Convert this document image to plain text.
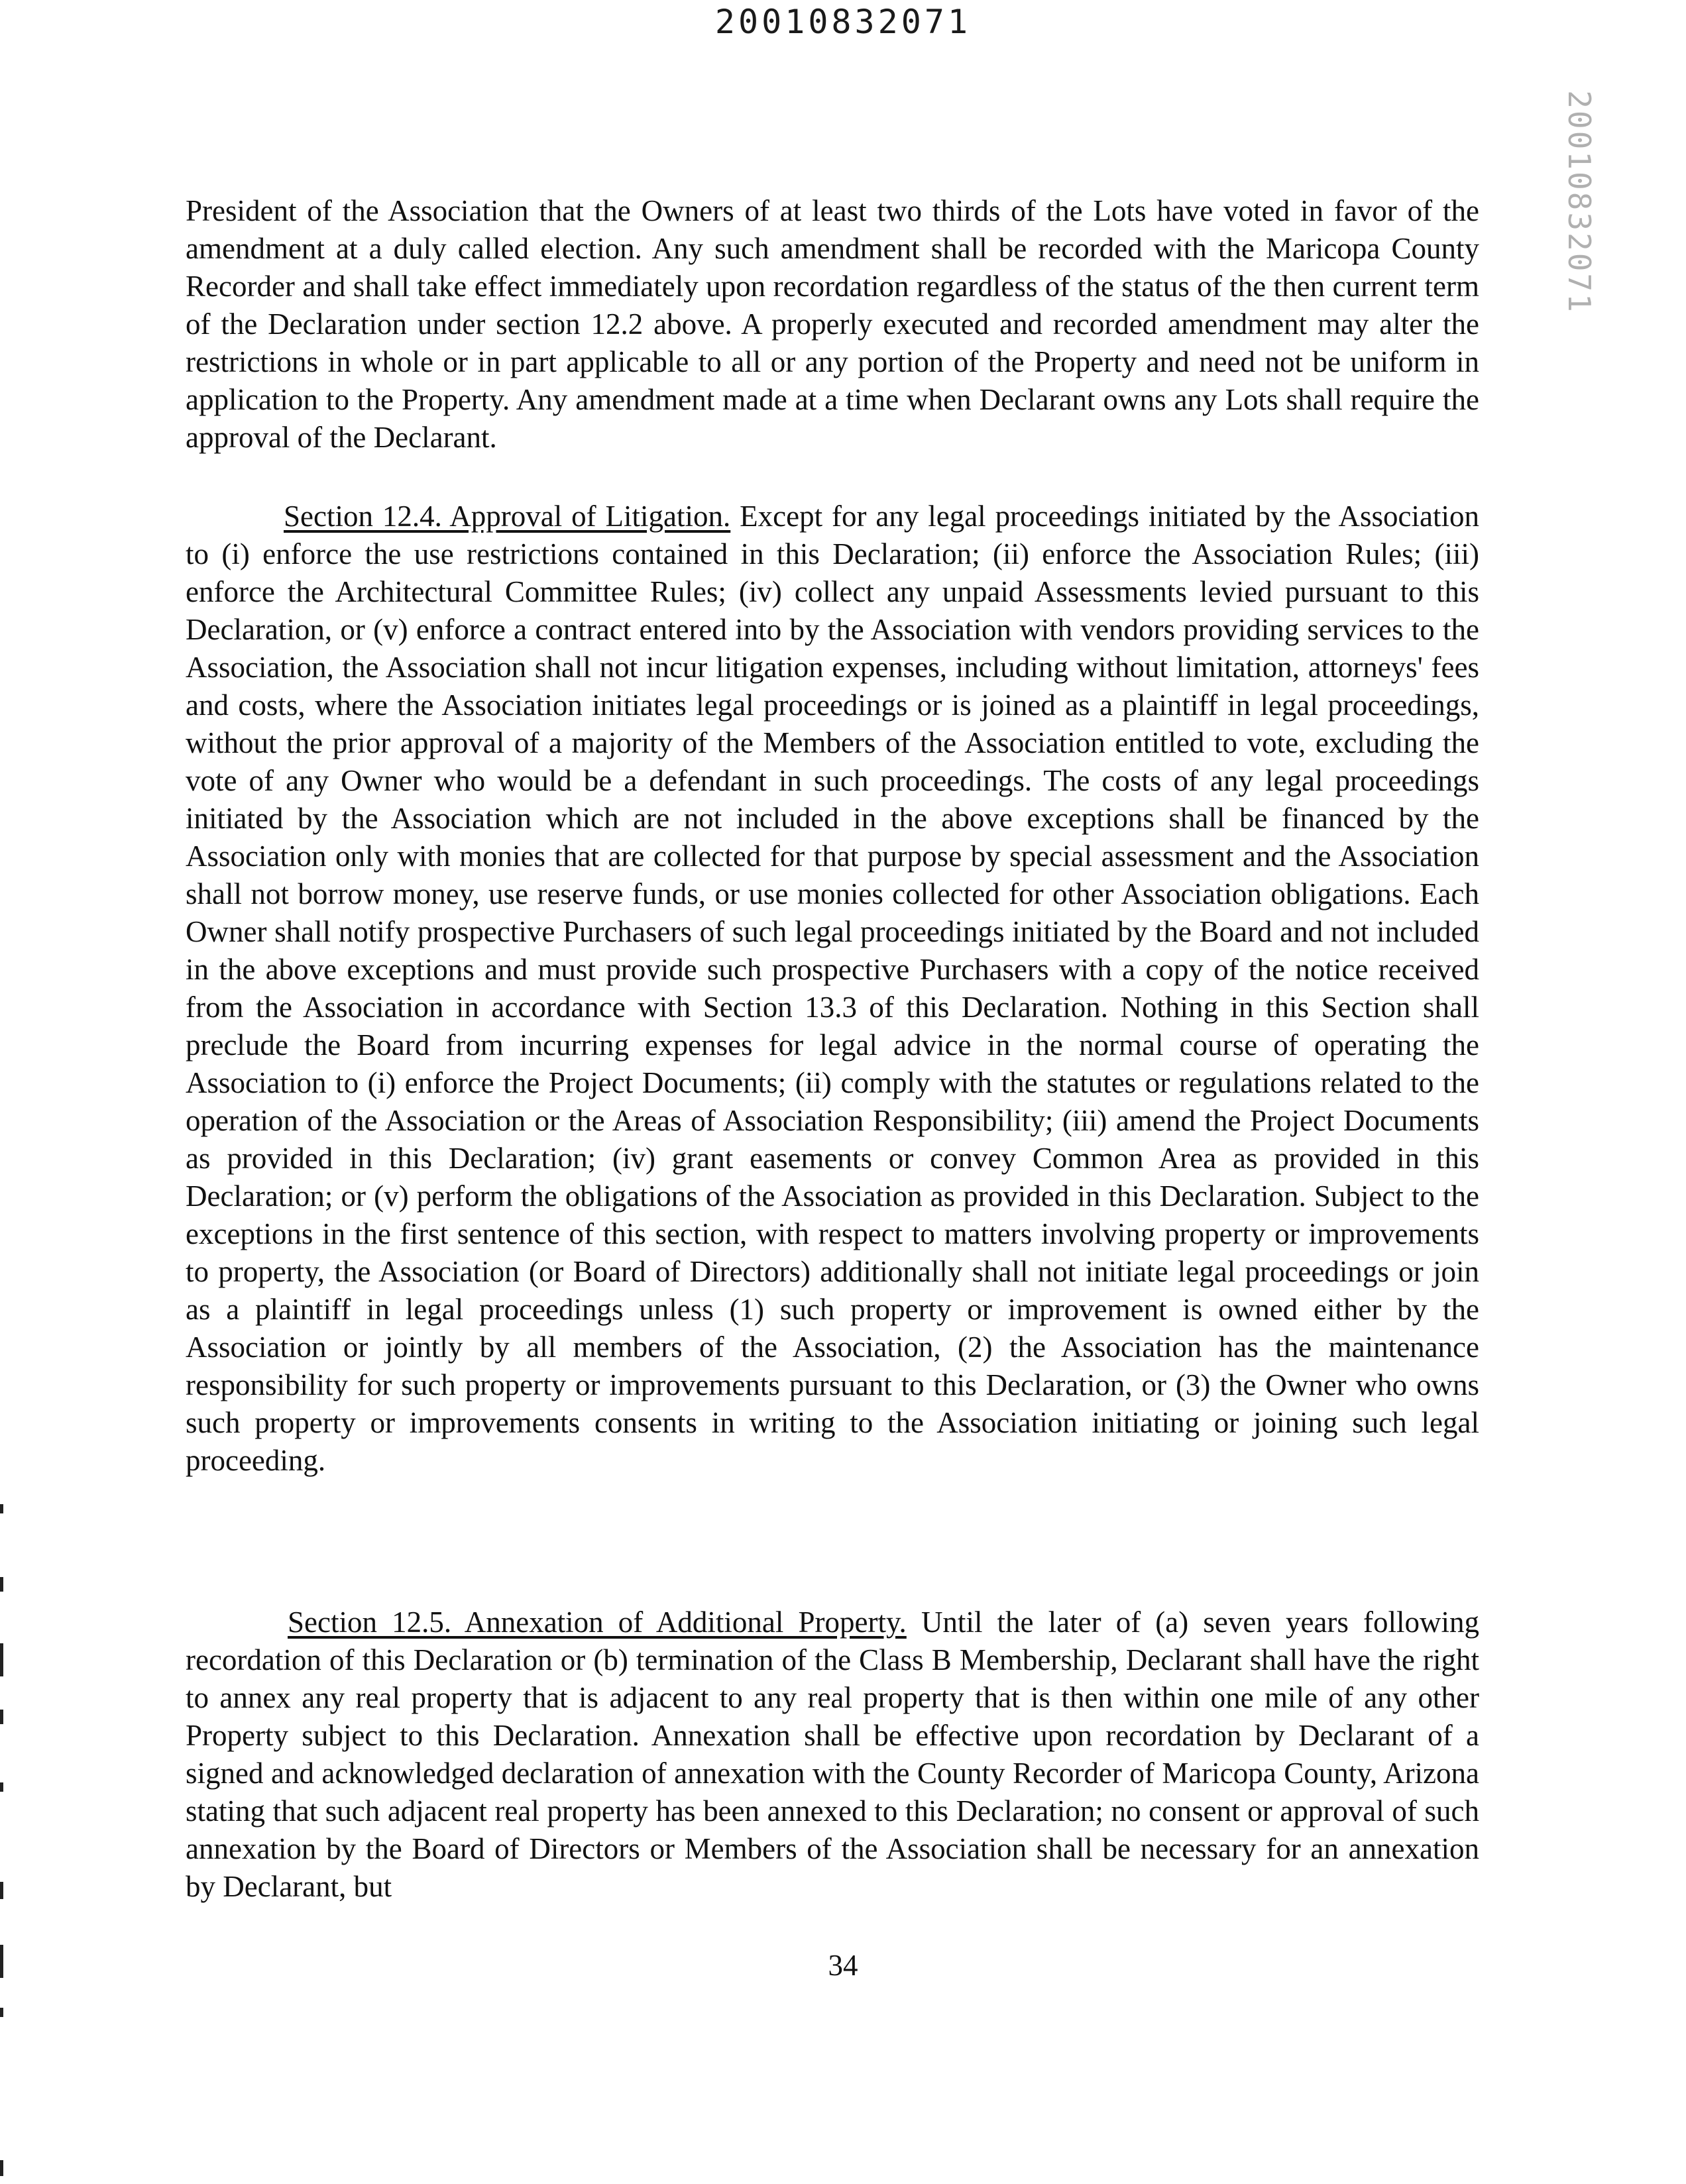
20010832071
20010832071
President of the Association that the Owners of at least two thirds of the Lots have voted in favor of the amendment at a duly called election. Any such amendment shall be recorded with the Maricopa County Recorder and shall take effect immediately upon recordation regardless of the status of the then current term of the Declaration under section 12.2 above. A properly executed and recorded amendment may alter the restrictions in whole or in part applicable to all or any portion of the Property and need not be uniform in application to the Property. Any amendment made at a time when Declarant owns any Lots shall require the approval of the Declarant.
Section 12.4. Approval of Litigation. Except for any legal proceedings initiated by the Association to (i) enforce the use restrictions contained in this Declaration; (ii) enforce the Association Rules; (iii) enforce the Architectural Committee Rules; (iv) collect any unpaid Assessments levied pursuant to this Declaration, or (v) enforce a contract entered into by the Association with vendors providing services to the Association, the Association shall not incur litigation expenses, including without limitation, attorneys' fees and costs, where the Association initiates legal proceedings or is joined as a plaintiff in legal proceedings, without the prior approval of a majority of the Members of the Association entitled to vote, excluding the vote of any Owner who would be a defendant in such proceedings. The costs of any legal proceedings initiated by the Association which are not included in the above exceptions shall be financed by the Association only with monies that are collected for that purpose by special assessment and the Association shall not borrow money, use reserve funds, or use monies collected for other Association obligations. Each Owner shall notify prospective Purchasers of such legal proceedings initiated by the Board and not included in the above exceptions and must provide such prospective Purchasers with a copy of the notice received from the Association in accordance with Section 13.3 of this Declaration. Nothing in this Section shall preclude the Board from incurring expenses for legal advice in the normal course of operating the Association to (i) enforce the Project Documents; (ii) comply with the statutes or regulations related to the operation of the Association or the Areas of Association Responsibility; (iii) amend the Project Documents as provided in this Declaration; (iv) grant easements or convey Common Area as provided in this Declaration; or (v) perform the obligations of the Association as provided in this Declaration. Subject to the exceptions in the first sentence of this section, with respect to matters involving property or improvements to property, the Association (or Board of Directors) additionally shall not initiate legal proceedings or join as a plaintiff in legal proceedings unless (1) such property or improvement is owned either by the Association or jointly by all members of the Association, (2) the Association has the maintenance responsibility for such property or improvements pursuant to this Declaration, or (3) the Owner who owns such property or improvements consents in writing to the Association initiating or joining such legal proceeding.
Section 12.5. Annexation of Additional Property. Until the later of (a) seven years following recordation of this Declaration or (b) termination of the Class B Membership, Declarant shall have the right to annex any real property that is adjacent to any real property that is then within one mile of any other Property subject to this Declaration. Annexation shall be effective upon recordation by Declarant of a signed and acknowledged declaration of annexation with the County Recorder of Maricopa County, Arizona stating that such adjacent real property has been annexed to this Declaration; no consent or approval of such annexation by the Board of Directors or Members of the Association shall be necessary for an annexation by Declarant, but
34
